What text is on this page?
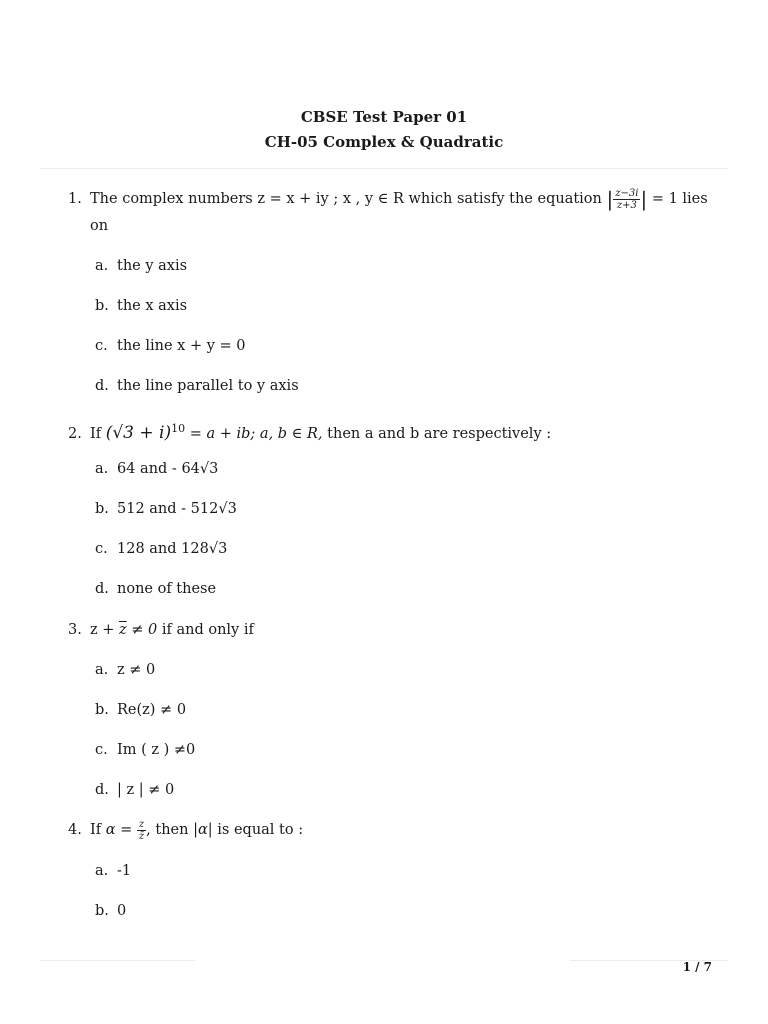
CBSE Test Paper 01
CH-05 Complex & Quadratic
1. The complex numbers z = x + iy ; x , y ∈ R which satisfy the equation | $\frac{z-3i}{z+3}$ | = 1 lies
on
a. the y axis
b. the x axis
c. the line x + y = 0
d. the line parallel to y axis
2. If $(√3 + i)^{10} = a$ + ib; a, b ∈ R, then a and b are respectively :
a. 64 and - 64√3
b. 512 and - 512√3
c. 128 and 128√3
d. none of these
3. $z + \overline{z} \ne 0$ if and only if
a. z ≠ 0
b. Re(z) ≠ 0
c. Im ( z ) ≠0
d. | z | ≠ 0
4. If $\alpha = \frac{z}{z̄}$ , then |α| is equal to :
a. -1
b. 0
1 / 7
